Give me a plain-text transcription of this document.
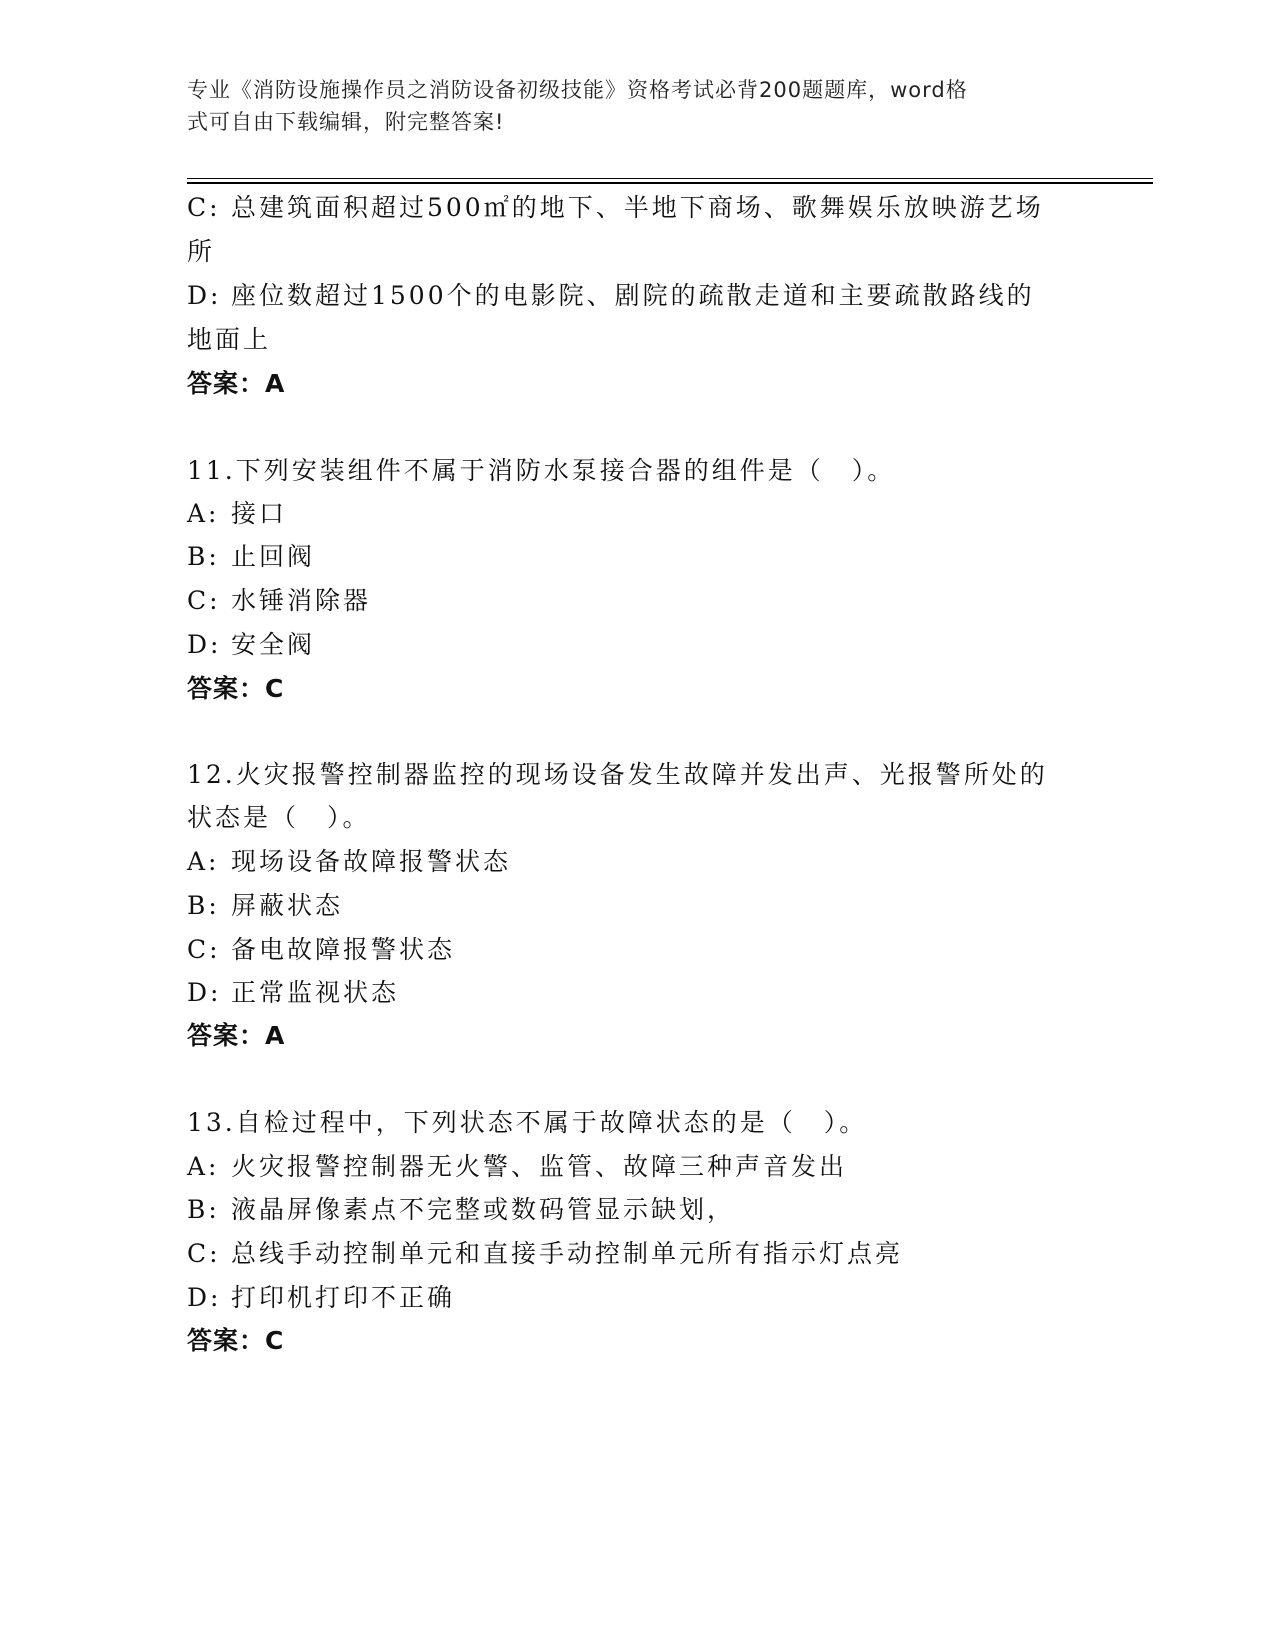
专业《消防设施操作员之消防设备初级技能》资格考试必背200题题库，word格
式可自由下载编辑，附完整答案!
C: 总建筑面积超过500㎡的地下、半地下商场、歌舞娱乐放映游艺场
所
D: 座位数超过1500个的电影院、剧院的疏散走道和主要疏散路线的
地面上
答案：A
11.下列安装组件不属于消防水泵接合器的组件是（　）。
A: 接口
B: 止回阀
C: 水锤消除器
D: 安全阀
答案：C
12.火灾报警控制器监控的现场设备发生故障并发出声、光报警所处的
状态是（　）。
A: 现场设备故障报警状态
B: 屏蔽状态
C: 备电故障报警状态
D: 正常监视状态
答案：A
13.自检过程中，下列状态不属于故障状态的是（　）。
A: 火灾报警控制器无火警、监管、故障三种声音发出
B: 液晶屏像素点不完整或数码管显示缺划，
C: 总线手动控制单元和直接手动控制单元所有指示灯点亮
D: 打印机打印不正确
答案：C
